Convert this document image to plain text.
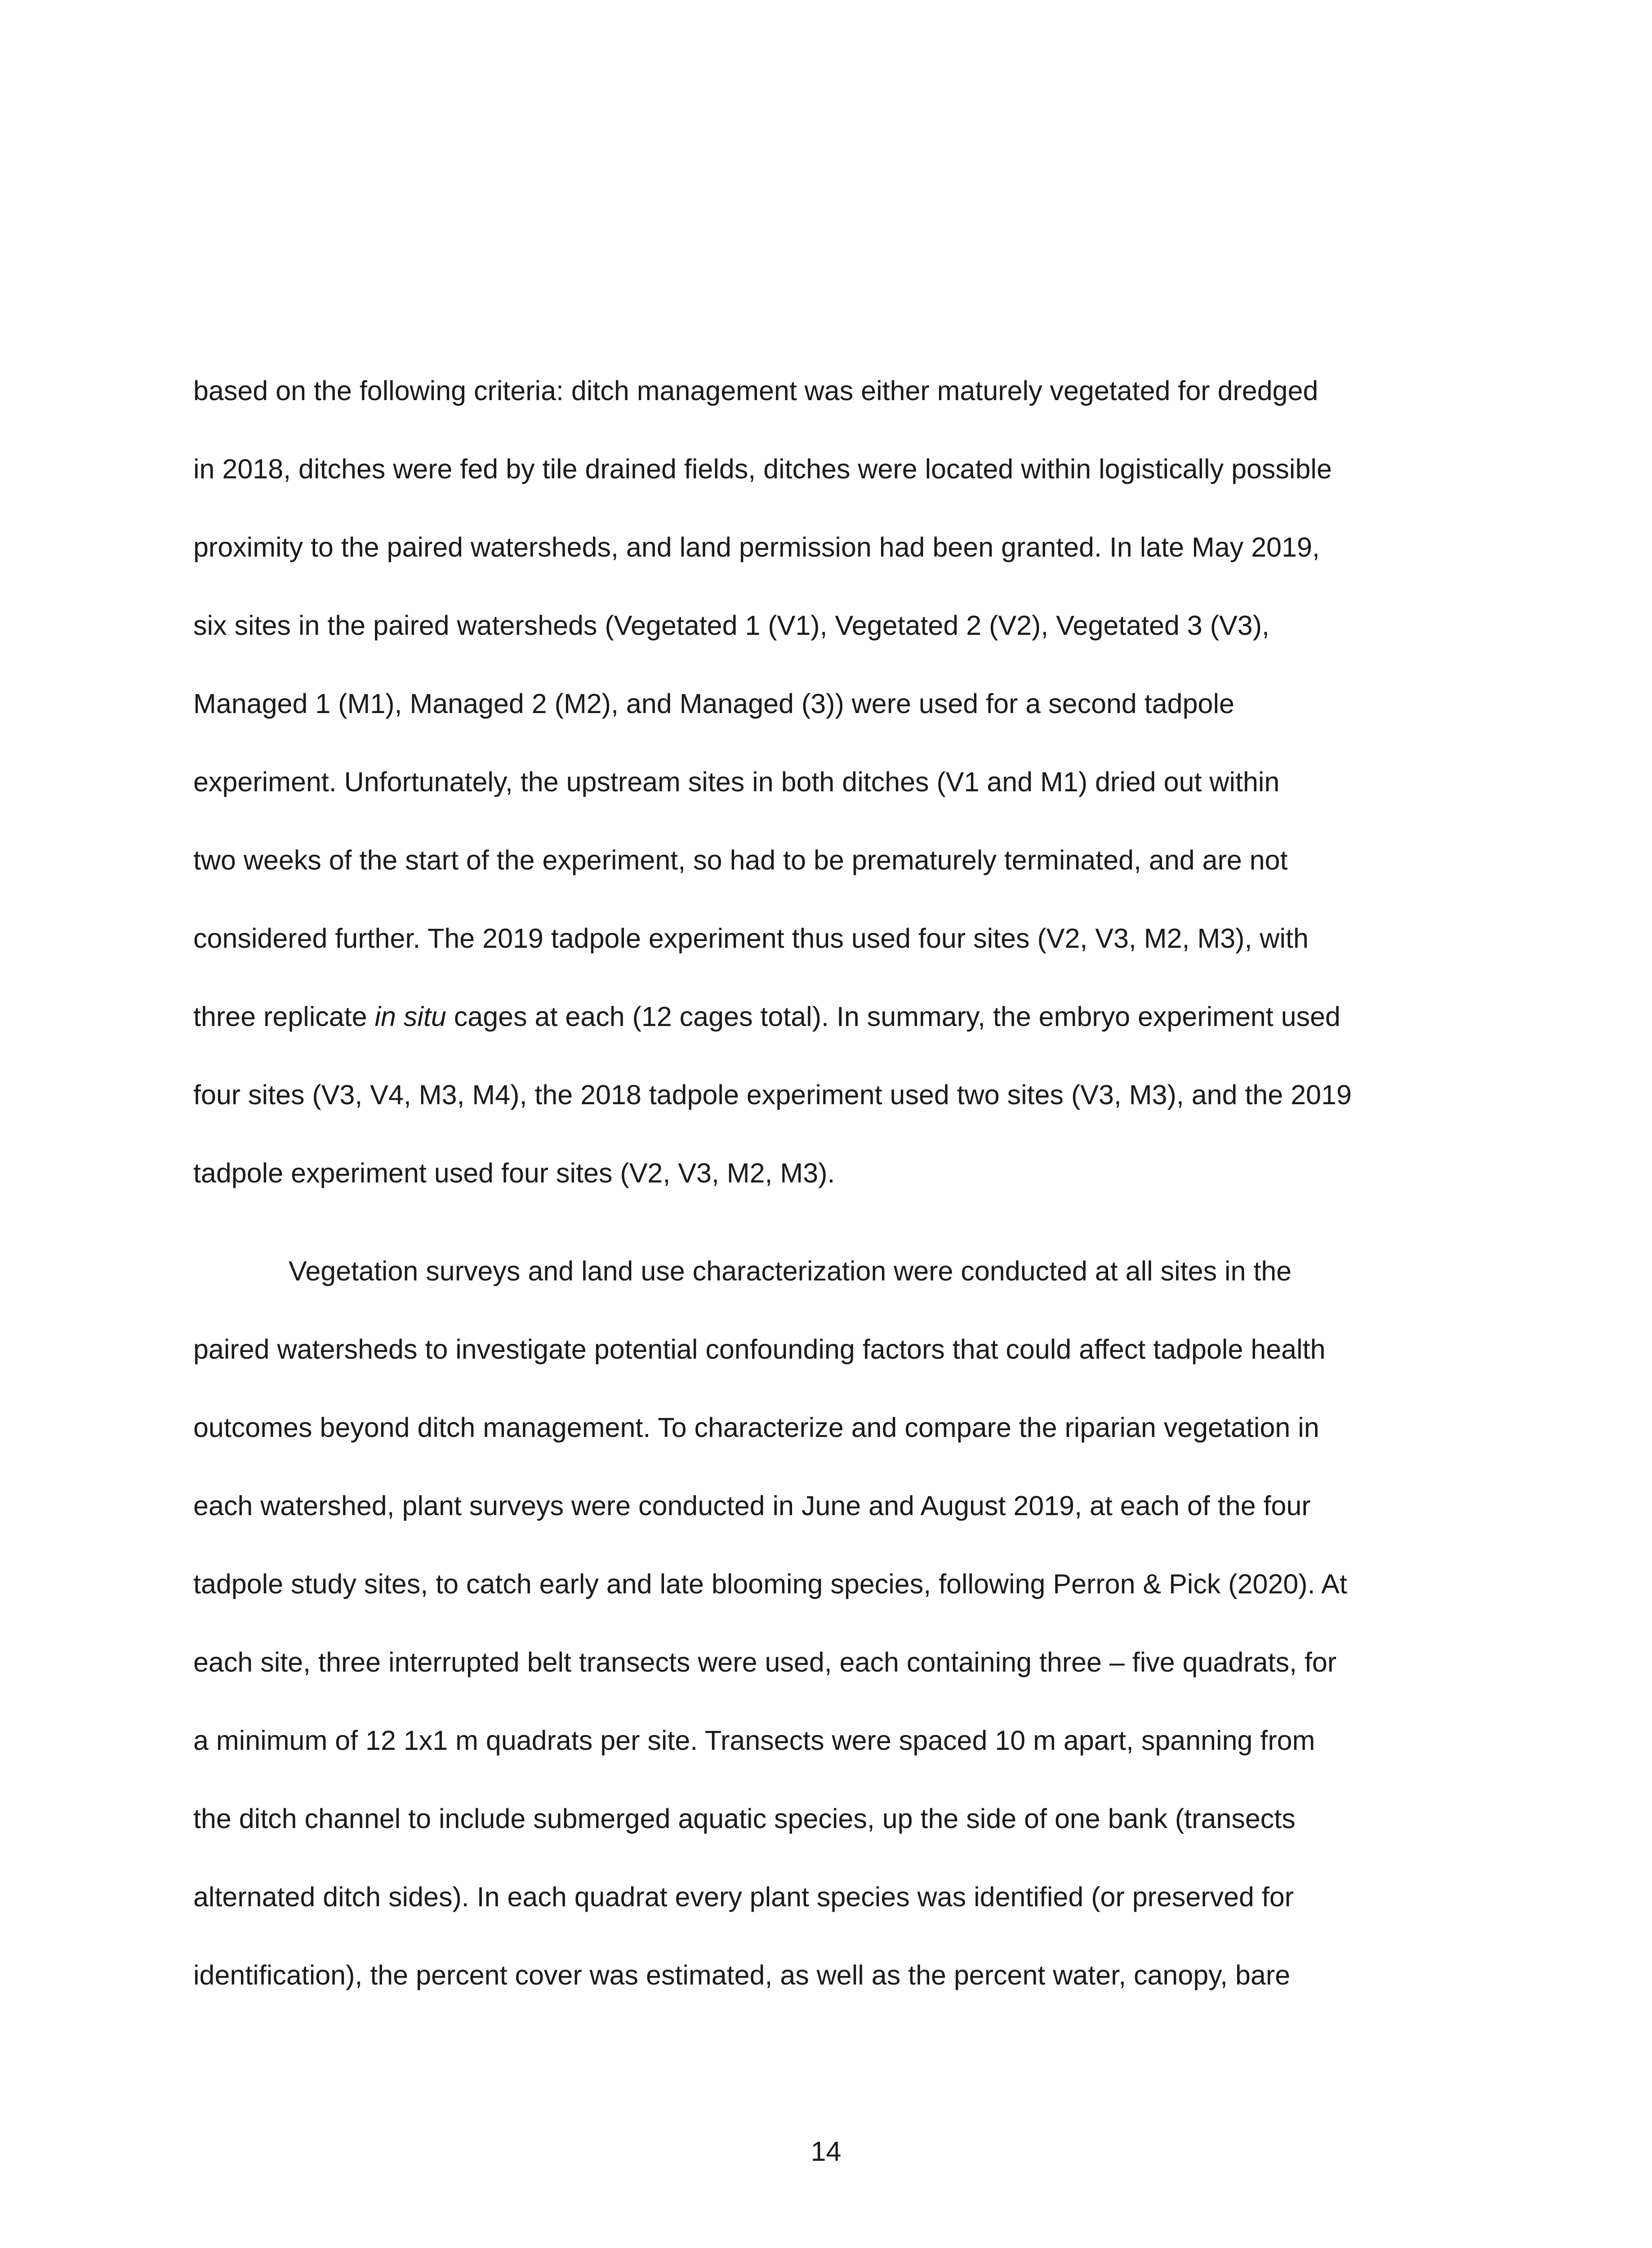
based on the following criteria: ditch management was either maturely vegetated for dredged
in 2018, ditches were fed by tile drained fields, ditches were located within logistically possible
proximity to the paired watersheds, and land permission had been granted. In late May 2019,
six sites in the paired watersheds (Vegetated 1 (V1), Vegetated 2 (V2), Vegetated 3 (V3),
Managed 1 (M1), Managed 2 (M2), and Managed (3)) were used for a second tadpole
experiment. Unfortunately, the upstream sites in both ditches (V1 and M1) dried out within
two weeks of the start of the experiment, so had to be prematurely terminated, and are not
considered further. The 2019 tadpole experiment thus used four sites (V2, V3, M2, M3), with
three replicate in situ cages at each (12 cages total). In summary, the embryo experiment used
four sites (V3, V4, M3, M4), the 2018 tadpole experiment used two sites (V3, M3), and the 2019
tadpole experiment used four sites (V2, V3, M2, M3).
Vegetation surveys and land use characterization were conducted at all sites in the
paired watersheds to investigate potential confounding factors that could affect tadpole health
outcomes beyond ditch management. To characterize and compare the riparian vegetation in
each watershed, plant surveys were conducted in June and August 2019, at each of the four
tadpole study sites, to catch early and late blooming species, following Perron & Pick (2020). At
each site, three interrupted belt transects were used, each containing three – five quadrats, for
a minimum of 12 1x1 m quadrats per site. Transects were spaced 10 m apart, spanning from
the ditch channel to include submerged aquatic species, up the side of one bank (transects
alternated ditch sides). In each quadrat every plant species was identified (or preserved for
identification), the percent cover was estimated, as well as the percent water, canopy, bare
14
